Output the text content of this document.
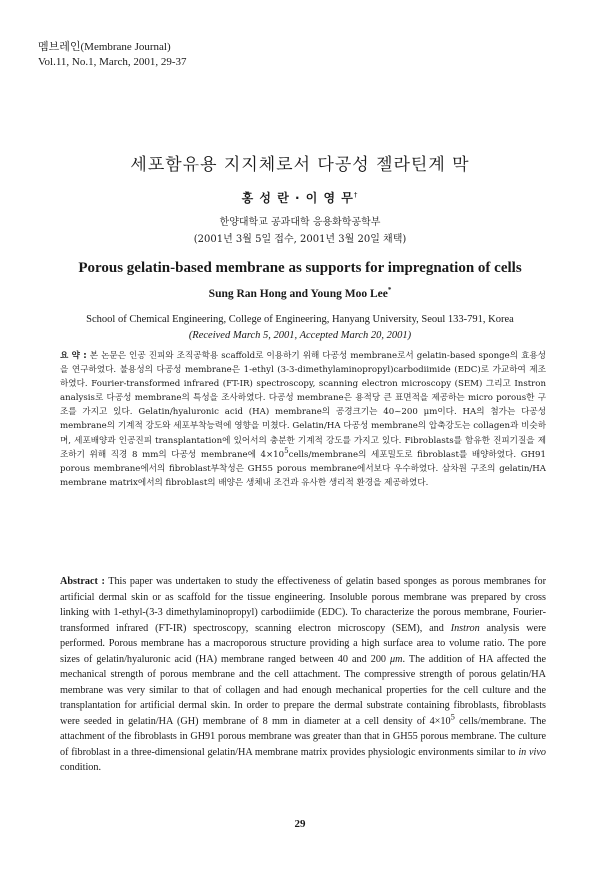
멤브레인(Membrane Journal)
Vol.11, No.1, March, 2001, 29-37
세포함유용 지지체로서 다공성 젤라틴계 막
홍 성 란 · 이 영 무†
한양대학교 공과대학 응용화학공학부
(2001년 3월 5일 접수, 2001년 3월 20일 채택)
Porous gelatin-based membrane as supports for impregnation of cells
Sung Ran Hong and Young Moo Lee*
School of Chemical Engineering, College of Engineering, Hanyang University, Seoul 133-791, Korea
(Received March 5, 2001, Accepted March 20, 2001)
요 약 : 본 논문은 인공 진피와 조직공학용 scaffold로 이용하기 위해 다공성 membrane로서 gelatin-based sponge의 효용성을 연구하였다. 불용성의 다공성 membrane은 1-ethyl (3-3-dimethylaminopropyl)carbodiimide (EDC)로 가교하여 제조하였다. Fourier-transformed infrared (FT-IR) spectroscopy, scanning electron microscopy (SEM) 그리고 Instron analysis로 다공성 membrane의 특성을 조사하였다. 다공성 membrane은 용적당 큰 표면적을 제공하는 micro porous한 구조를 가지고 있다. Gelatin/hyaluronic acid (HA) membrane의 공경크기는 40~200 μm이다. HA의 첨가는 다공성 membrane의 기계적 강도와 세포부착능력에 영향을 미쳤다. Gelatin/HA 다공성 membrane의 압축강도는 collagen과 비슷하며, 세포배양과 인공진피 transplantation에 있어서의 충분한 기계적 강도를 가지고 있다. Fibroblasts를 함유한 진피기질을 제조하기 위해 직경 8 mm의 다공성 membrane에 $4\times 10^5cells$/membrane의 세포밀도로 fibroblast를 배양하였다. GH91 porous membrane에서의 fibroblast부착성은 GH55 porous membrane에서보다 우수하였다. 삼차원 구조의 gelatin/HA membrane matrix에서의 fibroblast의 배양은 생체내 조건과 유사한 생리적 환경을 제공하였다.
Abstract : This paper was undertaken to study the effectiveness of gelatin based sponges as porous membranes for artificial dermal skin or as scaffold for the tissue engineering. Insoluble porous membrane was prepared by cross linking with 1-ethyl-(3-3 dimethylaminopropyl) carbodiimide (EDC). To characterize the porous membrane, Fourier-transformed infrared (FT-IR) spectroscopy, scanning electron microscopy (SEM), and Instron analysis were performed. Porous membrane has a macroporous structure providing a high surface area to volume ratio. The pore sizes of gelatin/hyaluronic acid (HA) membrane ranged between 40 and 200 μm. The addition of HA affected the mechanical strength of porous membrane and the cell attachment. The compressive strength of porous gelatin/HA membrane was very similar to that of collagen and had enough mechanical properties for the cell culture and the transplantation for artificial dermal skin. In order to prepare the dermal substrate containing fibroblasts, fibroblasts were seeded in gelatin/HA (GH) membrane of 8 mm in diameter at a cell density of $4\times 10^5$ cells/membrane. The attachment of the fibroblasts in GH91 porous membrane was greater than that in GH55 porous membrane. The culture of fibroblast in a three-dimensional gelatin/HA membrane matrix provides physiologic environments similar to in vivo condition.
29
